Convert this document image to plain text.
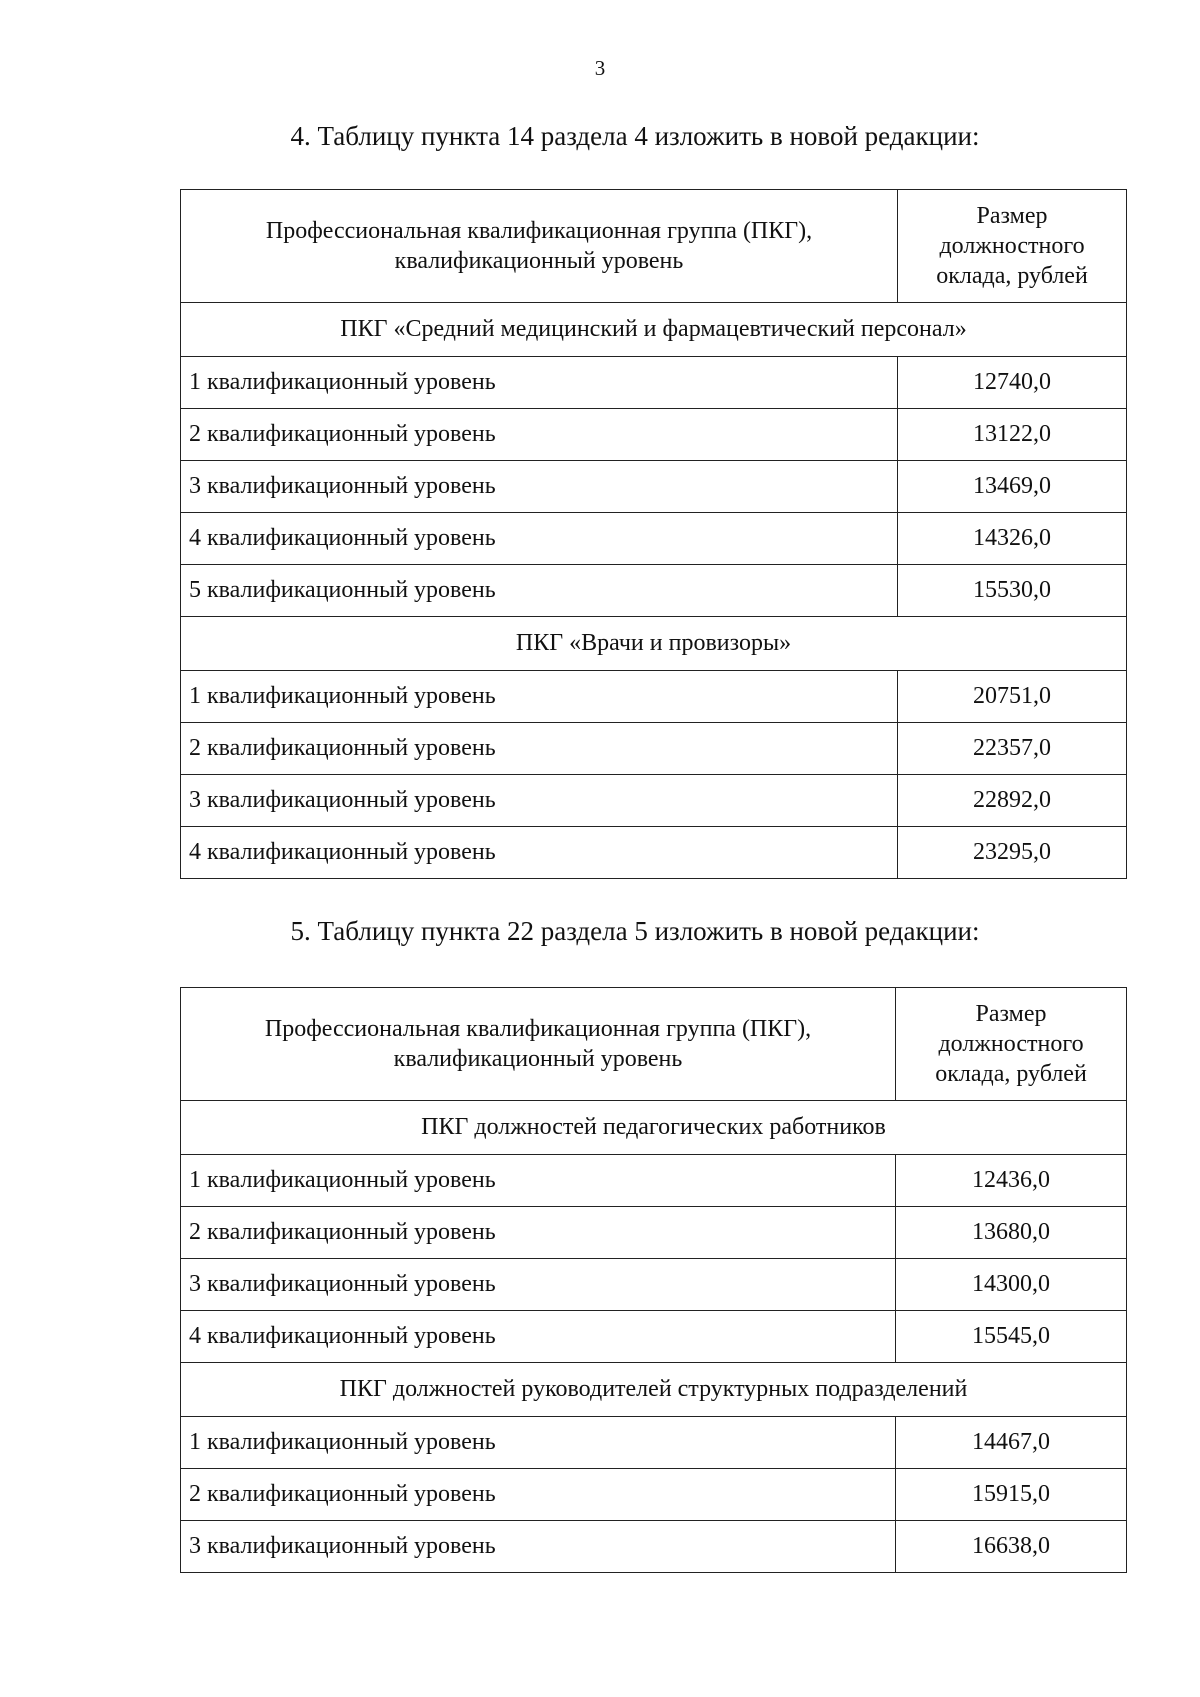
3
4. Таблицу пункта 14 раздела 4 изложить в новой редакции:
Профессиональная квалификационная группа (ПКГ), квалификационный уровень	Размер должностного оклада, рублей
ПКГ «Средний медицинский и фармацевтический персонал»	
1 квалификационный уровень	12740,0
2 квалификационный уровень	13122,0
3 квалификационный уровень	13469,0
4 квалификационный уровень	14326,0
5 квалификационный уровень	15530,0
ПКГ «Врачи и провизоры»	
1 квалификационный уровень	20751,0
2 квалификационный уровень	22357,0
3 квалификационный уровень	22892,0
4 квалификационный уровень	23295,0
5. Таблицу пункта 22 раздела 5 изложить в новой редакции:
Профессиональная квалификационная группа (ПКГ), квалификационный уровень	Размер должностного оклада, рублей
ПКГ должностей педагогических работников	
1 квалификационный уровень	12436,0
2 квалификационный уровень	13680,0
3 квалификационный уровень	14300,0
4 квалификационный уровень	15545,0
ПКГ должностей руководителей структурных подразделений	
1 квалификационный уровень	14467,0
2 квалификационный уровень	15915,0
3 квалификационный уровень	16638,0
